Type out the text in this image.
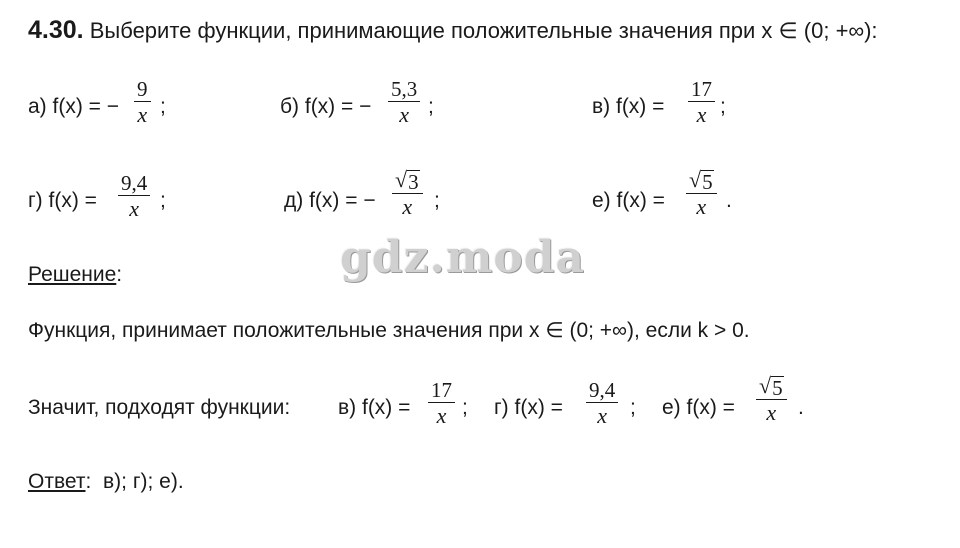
4.30. Выберите функции, принимающие положительные значения при x ∈ (0; +∞):
а) f(x) = −
9
x ;	б) f(x) = −
5,3
x ;	в) f(x) =
17
x ;
г) f(x) =
9,4
x ;	д) f(x) = −
√ 3
x ;	е) f(x) =
√ 5
x .
gdz.moda
Решение:
Функция, принимает положительные значения при x ∈ (0; +∞), если k > 0.
Значит, подходят функции: в) f(x) =
17
x ; г) f(x) =
9,4
x ; е) f(x) =
√ 5
x .
Ответ: в); г); е).
